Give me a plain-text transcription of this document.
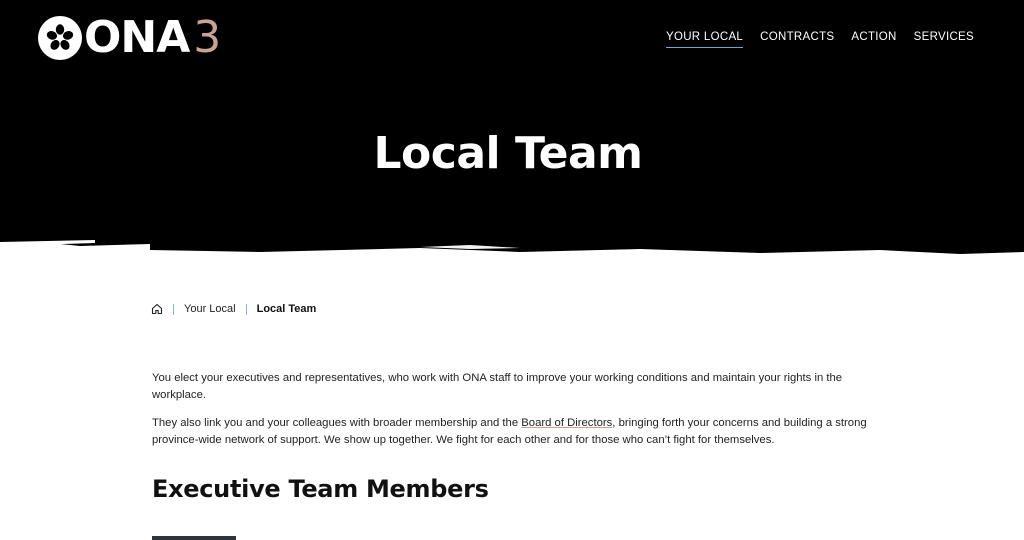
ONA 3	YOUR LOCAL CONTRACTS ACTION SERVICES
Local Team
Your Local Local Team

You elect your executives and representatives, who work with ONA staff to improve your working conditions and maintain your rights in the workplace.

They also link you and your colleagues with broader membership and the Board of Directors, bringing forth your concerns and building a strong province-wide network of support. We show up together. We fight for each other and for those who can’t fight for themselves.

Executive Team Members
